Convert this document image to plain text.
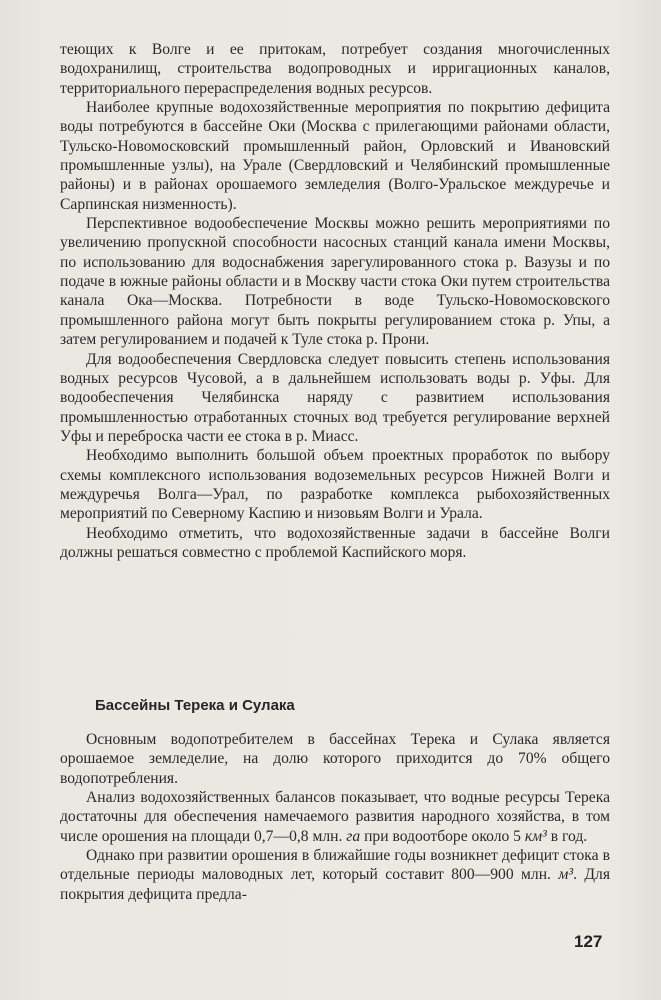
теющих к Волге и ее притокам, потребует создания многочисленных водохранилищ, строительства водопроводных и ирригационных каналов, территориального перераспределения водных ресурсов.

Наиболее крупные водохозяйственные мероприятия по покрытию дефицита воды потребуются в бассейне Оки (Москва с прилегающими районами области, Тульско-Новомосковский промышленный район, Орловский и Ивановский промышленные узлы), на Урале (Свердловский и Челябинский промышленные районы) и в районах орошаемого земледелия (Волго-Уральское междуречье и Сарпинская низменность).

Перспективное водообеспечение Москвы можно решить мероприятиями по увеличению пропускной способности насосных станций канала имени Москвы, по использованию для водоснабжения зарегулированного стока р. Вазузы и по подаче в южные районы области и в Москву части стока Оки путем строительства канала Ока—Москва. Потребности в воде Тульско-Новомосковского промышленного района могут быть покрыты регулированием стока р. Упы, а затем регулированием и подачей к Туле стока р. Прони.

Для водообеспечения Свердловска следует повысить степень использования водных ресурсов Чусовой, а в дальнейшем использовать воды р. Уфы. Для водообеспечения Челябинска наряду с развитием использования промышленностью отработанных сточных вод требуется регулирование верхней Уфы и переброска части ее стока в р. Миасс.

Необходимо выполнить большой объем проектных проработок по выбору схемы комплексного использования водоземельных ресурсов Нижней Волги и междуречья Волга—Урал, по разработке комплекса рыбохозяйственных мероприятий по Северному Каспию и низовьям Волги и Урала.

Необходимо отметить, что водохозяйственные задачи в бассейне Волги должны решаться совместно с проблемой Каспийского моря.

Бассейны Терека и Сулака

Основным водопотребителем в бассейнах Терека и Сулака является орошаемое земледелие, на долю которого приходится до 70% общего водопотребления.

Анализ водохозяйственных балансов показывает, что водные ресурсы Терека достаточны для обеспечения намечаемого развития народного хозяйства, в том числе орошения на площади 0,7—0,8 млн. га при водоотборе около 5 км³ в год.

Однако при развитии орошения в ближайшие годы возникнет дефицит стока в отдельные периоды маловодных лет, который составит 800—900 млн. м³. Для покрытия дефицита предла-

127
